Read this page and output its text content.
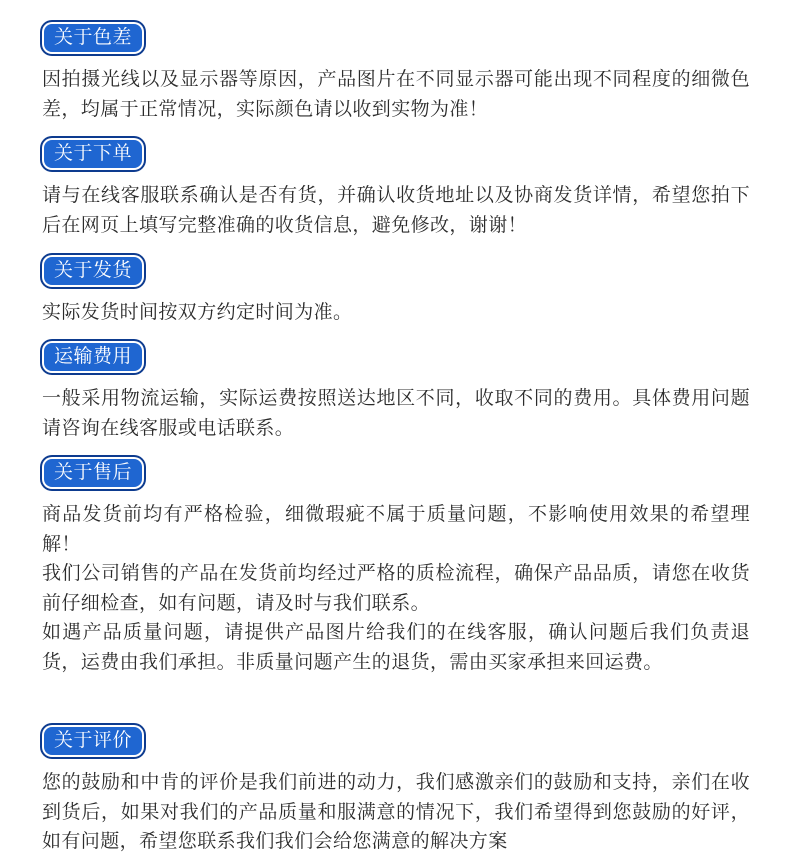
关于色差

因拍摄光线以及显示器等原因，产品图片在不同显示器可能出现不同程度的细微色差，均属于正常情况，实际颜色请以收到实物为准！

关于下单

请与在线客服联系确认是否有货，并确认收货地址以及协商发货详情，希望您拍下后在网页上填写完整准确的收货信息，避免修改，谢谢！

关于发货

实际发货时间按双方约定时间为准。

运输费用

一般采用物流运输，实际运费按照送达地区不同，收取不同的费用。具体费用问题请咨询在线客服或电话联系。

关于售后

商品发货前均有严格检验，细微瑕疵不属于质量问题，不影响使用效果的希望理解！

我们公司销售的产品在发货前均经过严格的质检流程，确保产品品质，请您在收货前仔细检查，如有问题，请及时与我们联系。

如遇产品质量问题，请提供产品图片给我们的在线客服，确认问题后我们负责退货，运费由我们承担。非质量问题产生的退货，需由买家承担来回运费。

关于评价

您的鼓励和中肯的评价是我们前进的动力，我们感激亲们的鼓励和支持，亲们在收到货后，如果对我们的产品质量和服满意的情况下，我们希望得到您鼓励的好评，如有问题，希望您联系我们我们会给您满意的解决方案
